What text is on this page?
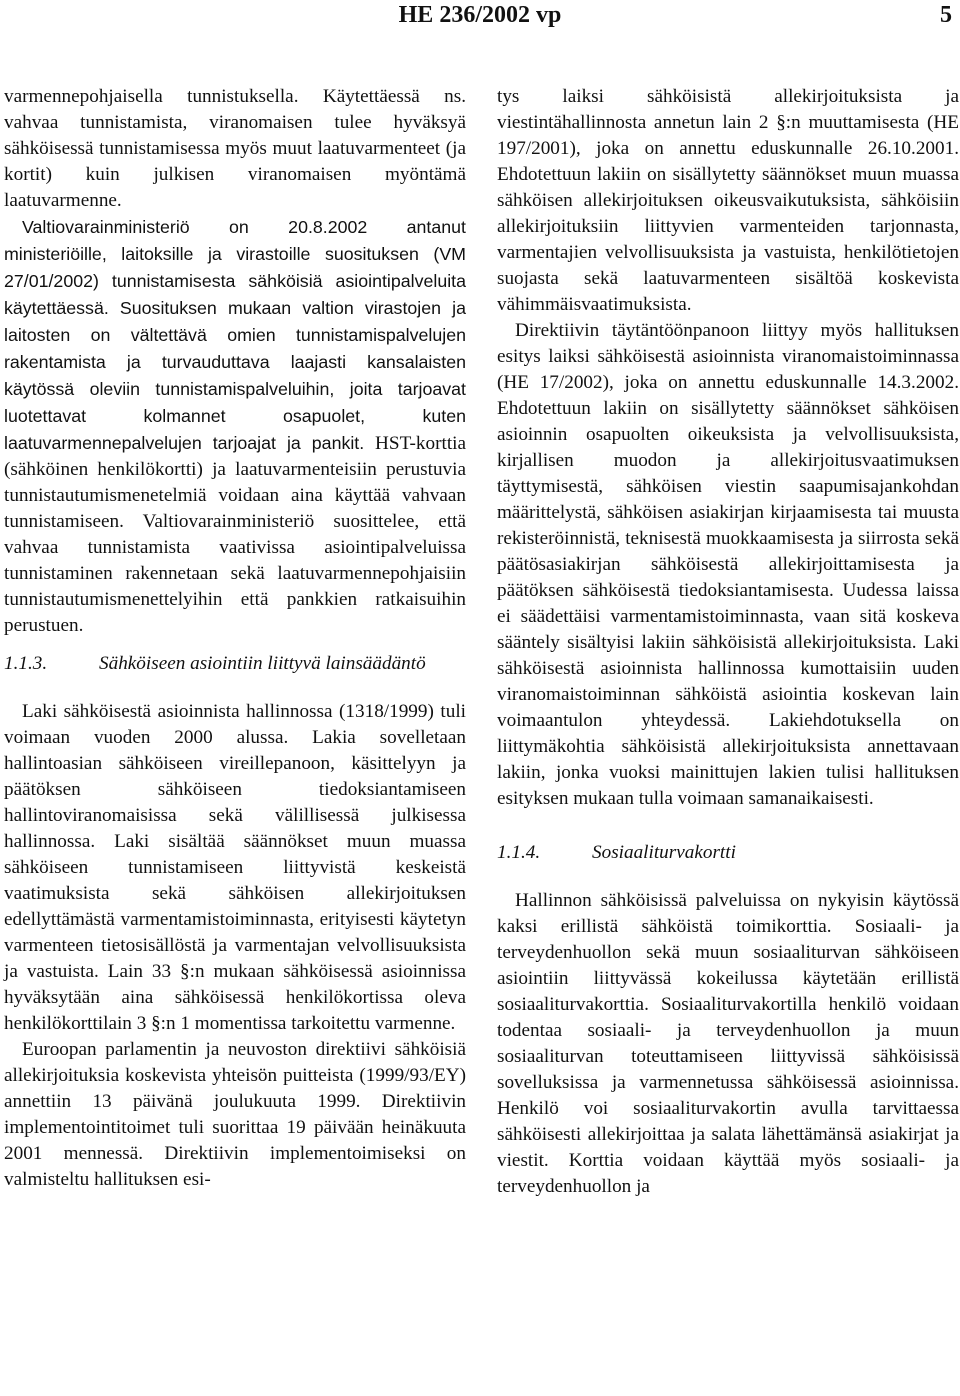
HE 236/2002 vp	5

varmennepohjaisella tunnistuksella. Käytettäessä ns. vahvaa tunnistamista, viranomaisen tulee hyväksyä sähköisessä tunnistamisessa myös muut laatuvarmenteet (ja kortit) kuin julkisen viranomaisen myöntämä laatuvarmenne.

Valtiovarainministeriö on 20.8.2002 antanut ministeriöille, laitoksille ja virastoille suosituksen (VM 27/01/2002) tunnistamisesta sähköisiä asiointipalveluita käytettäessä. Suosituksen mukaan valtion virastojen ja laitosten on vältettävä omien tunnistamispalvelujen rakentamista ja turvauduttava laajasti kansalaisten käytössä oleviin tunnistamispalveluihin, joita tarjoavat luotettavat kolmannet osapuolet, kuten laatuvarmennepalvelujen tarjoajat ja pankit. HST-korttia (sähköinen henkilökortti) ja laatuvarmenteisiin perustuvia tunnistautumismenetelmiä voidaan aina käyttää vahvaan tunnistamiseen. Valtiovarainministeriö suosittelee, että vahvaa tunnistamista vaativissa asiointipalveluissa tunnistaminen rakennetaan sekä laatuvarmennepohjaisiin tunnistautumismenettelyihin että pankkien ratkaisuihin perustuen.

1.1.3.	Sähköiseen asiointiin liittyvä lainsäädäntö

Laki sähköisestä asioinnista hallinnossa (1318/1999) tuli voimaan vuoden 2000 alussa. Lakia sovelletaan hallintoasian sähköiseen vireillepanoon, käsittelyyn ja päätöksen sähköiseen tiedoksiantamiseen hallintoviranomaisissa sekä välillisessä julkisessa hallinnossa. Laki sisältää säännökset muun muassa sähköiseen tunnistamiseen liittyvistä keskeistä vaatimuksista sekä sähköisen allekirjoituksen edellyttämästä varmentamistoiminnasta, erityisesti käytetyn varmenteen tietosisällöstä ja varmentajan velvollisuuksista ja vastuista. Lain 33 §:n mukaan sähköisessä asioinnissa hyväksytään aina sähköisessä henkilökortissa oleva henkilökorttilain 3 §:n 1 momentissa tarkoitettu varmenne.

Euroopan parlamentin ja neuvoston direktiivi sähköisiä allekirjoituksia koskevista yhteisön puitteista (1999/93/EY) annettiin 13 päivänä joulukuuta 1999. Direktiivin implementointitoimet tuli suorittaa 19 päivään heinäkuuta 2001 mennessä. Direktiivin implementoimiseksi on valmisteltu hallituksen esi-

tys laiksi sähköisistä allekirjoituksista ja viestintähallinnosta annetun lain 2 §:n muuttamisesta (HE 197/2001), joka on annettu eduskunnalle 26.10.2001. Ehdotettuun lakiin on sisällytetty säännökset muun muassa sähköisen allekirjoituksen oikeusvaikutuksista, sähköisiin allekirjoituksiin liittyvien varmenteiden tarjonnasta, varmentajien velvollisuuksista ja vastuista, henkilötietojen suojasta sekä laatuvarmenteen sisältöä koskevista vähimmäisvaatimuksista.

Direktiivin täytäntöönpanoon liittyy myös hallituksen esitys laiksi sähköisestä asioinnista viranomaistoiminnassa (HE 17/2002), joka on annettu eduskunnalle 14.3.2002. Ehdotettuun lakiin on sisällytetty säännökset sähköisen asioinnin osapuolten oikeuksista ja velvollisuuksista, kirjallisen muodon ja allekirjoitusvaatimuksen täyttymisestä, sähköisen viestin saapumisajankohdan määrittelystä, sähköisen asiakirjan kirjaamisesta tai muusta rekisteröinnistä, teknisestä muokkaamisesta ja siirrosta sekä päätösasiakirjan sähköisestä allekirjoittamisesta ja päätöksen sähköisestä tiedoksiantamisesta. Uudessa laissa ei säädettäisi varmentamistoiminnasta, vaan sitä koskeva sääntely sisältyisi lakiin sähköisistä allekirjoituksista. Laki sähköisestä asioinnista hallinnossa kumottaisiin uuden viranomaistoiminnan sähköistä asiointia koskevan lain voimaantulon yhteydessä. Lakiehdotuksella on liittymäkohtia sähköisistä allekirjoituksista annettavaan lakiin, jonka vuoksi mainittujen lakien tulisi hallituksen esityksen mukaan tulla voimaan samanaikaisesti.

1.1.4.	Sosiaaliturvakortti

Hallinnon sähköisissä palveluissa on nykyisin käytössä kaksi erillistä sähköistä toimikorttia. Sosiaali- ja terveydenhuollon sekä muun sosiaaliturvan sähköiseen asiointiin liittyvässä kokeilussa käytetään erillistä sosiaaliturvakorttia. Sosiaaliturvakortilla henkilö voidaan todentaa sosiaali- ja terveydenhuollon ja muun sosiaaliturvan toteuttamiseen liittyvissä sähköisissä sovelluksissa ja varmennetussa sähköisessä asioinnissa. Henkilö voi sosiaaliturvakortin avulla tarvittaessa sähköisesti allekirjoittaa ja salata lähettämänsä asiakirjat ja viestit. Korttia voidaan käyttää myös sosiaali- ja terveydenhuollon ja
